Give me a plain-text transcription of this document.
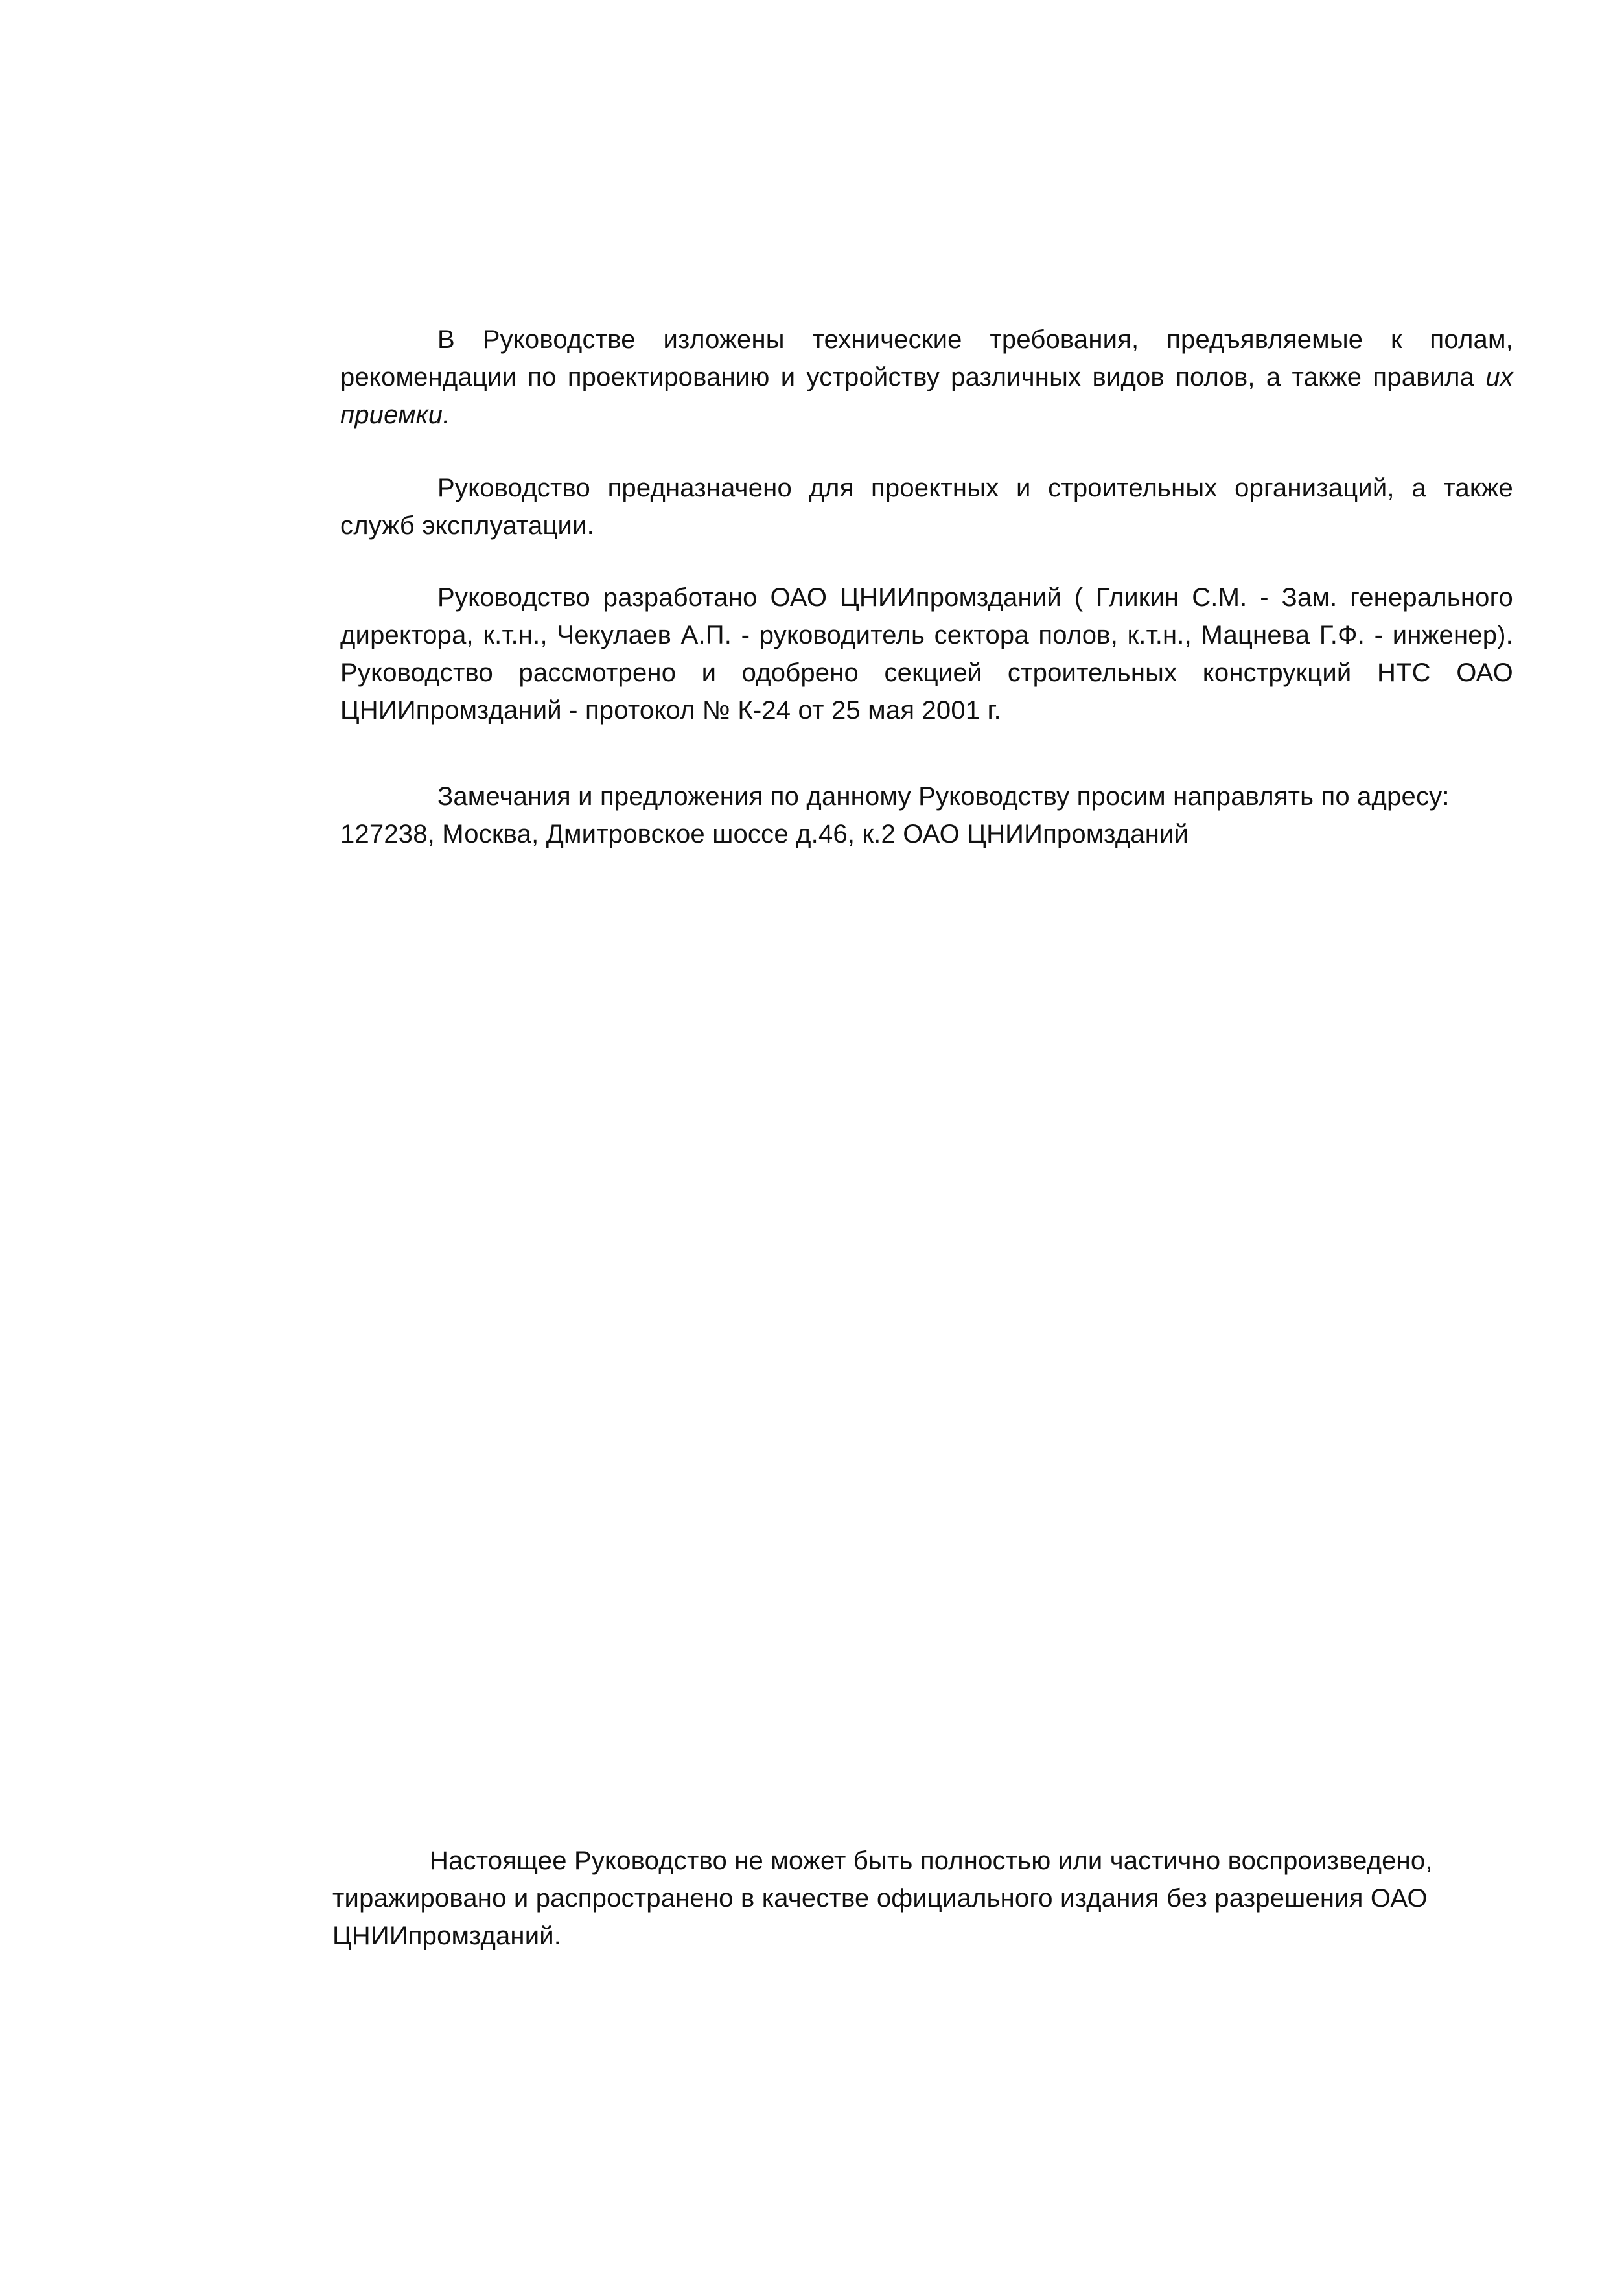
В Руководстве изложены технические требования, предъявляемые к полам, рекомендации по проектированию и устройству различных видов полов, а также правила их приемки.
Руководство предназначено для проектных и строительных организаций, а также служб эксплуатации.
Руководство разработано ОАО ЦНИИпромзданий ( Гликин С.М. - Зам. генерального директора, к.т.н., Чекулаев А.П. - руководитель сектора полов, к.т.н., Мацнева Г.Ф. - инженер). Руководство рассмотрено и одобрено секцией строительных конструкций НТС ОАО ЦНИИпромзданий - протокол № К-24 от 25 мая 2001 г.
Замечания и предложения по данному Руководству просим направлять по адресу:
127238, Москва, Дмитровское шоссе д.46, к.2 ОАО ЦНИИпромзданий
Настоящее Руководство не может быть полностью или частично воспроизведено, тиражировано и распространено в качестве официального издания без разрешения ОАО ЦНИИпромзданий.
